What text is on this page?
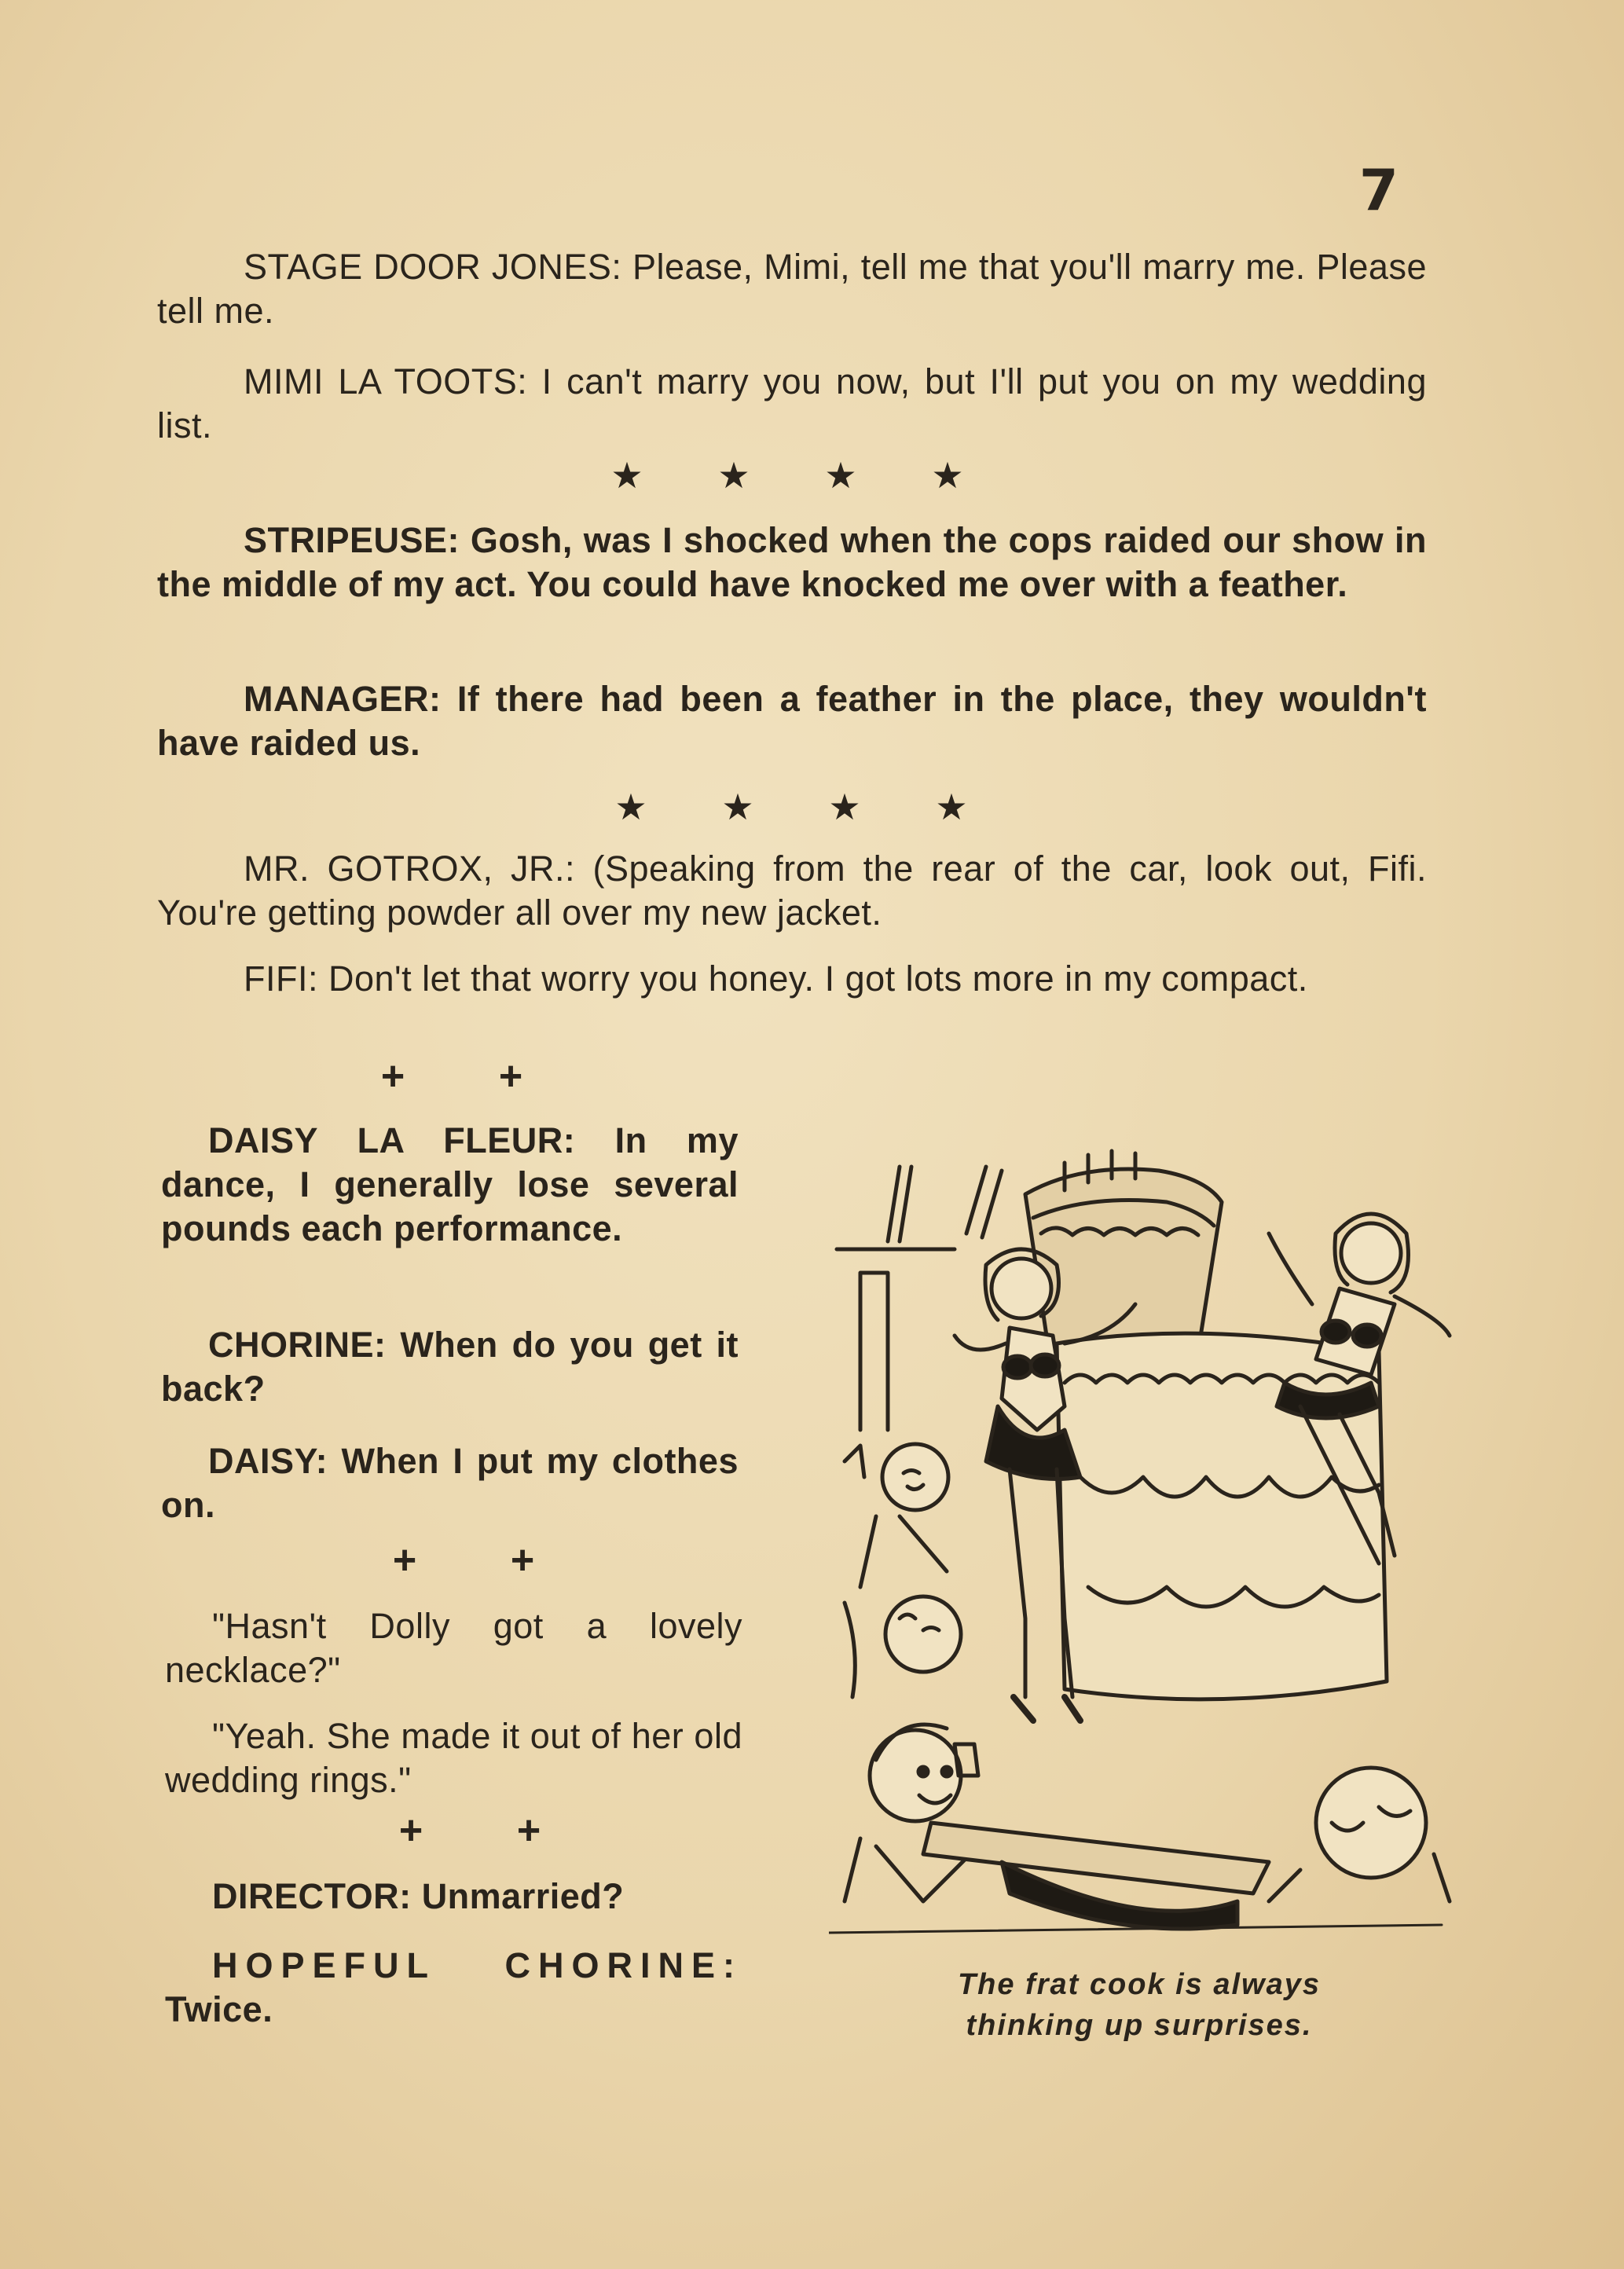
7
STAGE DOOR JONES: Please, Mimi, tell me that you'll marry me. Please tell me.
MIMI LA TOOTS: I can't marry you now, but I'll put you on my wedding list.
★ ★ ★ ★
STRIPEUSE: Gosh, was I shocked when the cops raided our show in the middle of my act. You could have knocked me over with a feather.
MANAGER: If there had been a feather in the place, they wouldn't have raided us.
★ ★ ★ ★
MR. GOTROX, JR.: (Speaking from the rear of the car, look out, Fifi. You're getting powder all over my new jacket.
FIFI: Don't let that worry you honey. I got lots more in my compact.
+ +
DAISY LA FLEUR: In my dance, I generally lose several pounds each performance.
CHORINE: When do you get it back?
DAISY: When I put my clothes on.
+ +
"Hasn't Dolly got a lovely necklace?"
"Yeah. She made it out of her old wedding rings."
+ +
DIRECTOR: Unmarried?
HOPEFUL CHORINE: Twice.
The frat cook is always
thinking up surprises.
